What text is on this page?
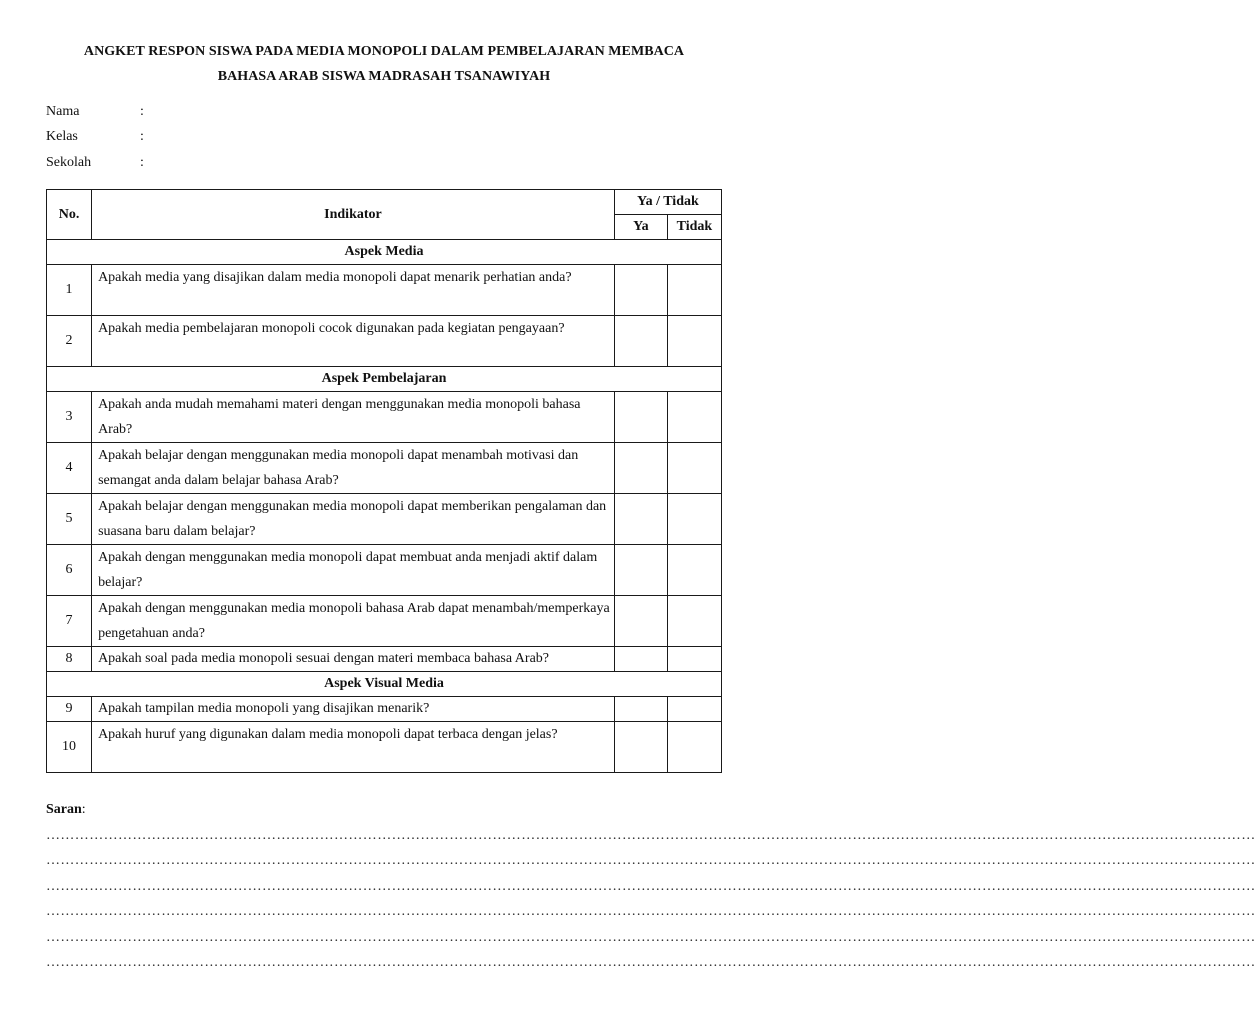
ANGKET RESPON SISWA PADA MEDIA MONOPOLI DALAM PEMBELAJARAN MEMBACA
BAHASA ARAB SISWA MADRASAH TSANAWIYAH
Nama	:
Kelas	:
Sekolah	:
No.	Indikator	Ya / Tidak	
		Ya	Tidak
Aspek Media			
1	Apakah media yang disajikan dalam media monopoli dapat menarik perhatian anda?		
2	Apakah media pembelajaran monopoli cocok digunakan pada kegiatan pengayaan?		
Aspek Pembelajaran			
3	Apakah anda mudah memahami materi dengan menggunakan media monopoli bahasa Arab?		
4	Apakah belajar dengan menggunakan media monopoli dapat menambah motivasi dan semangat anda dalam belajar bahasa Arab?		
5	Apakah belajar dengan menggunakan media monopoli dapat memberikan pengalaman dan suasana baru dalam belajar?		
6	Apakah dengan menggunakan media monopoli dapat membuat anda menjadi aktif dalam belajar?		
7	Apakah dengan menggunakan media monopoli bahasa Arab dapat menambah/memperkaya pengetahuan anda?		
8	Apakah soal pada media monopoli sesuai dengan materi membaca bahasa Arab?		
Aspek Visual Media			
9	Apakah tampilan media monopoli yang disajikan menarik?		
10	Apakah huruf yang digunakan dalam media monopoli dapat terbaca dengan jelas?		
Saran:
………………………………………………………………………………………………………………………………………………………………………………………………………………………………
………………………………………………………………………………………………………………………………………………………………………………………………………………………………
………………………………………………………………………………………………………………………………………………………………………………………………………………………………
………………………………………………………………………………………………………………………………………………………………………………………………………………………………
………………………………………………………………………………………………………………………………………………………………………………………………………………………………
………………………………………………………………………………………………………………………………………………………………………………………………………………………………
